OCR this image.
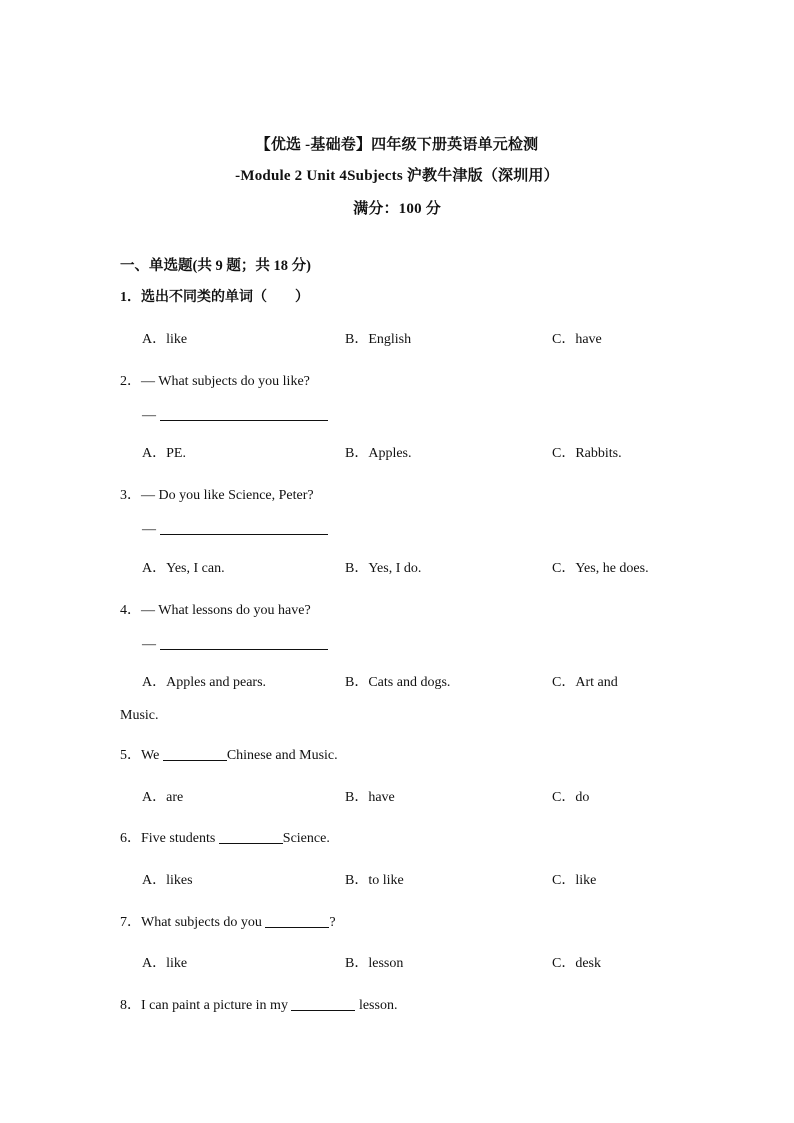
【优选 -基础卷】四年级下册英语单元检测
-Module 2 Unit 4Subjects 沪教牛津版（深圳用）
满分：100 分
一、单选题(共 9 题；共 18 分)
1．选出不同类的单词（ ）
A．like	B．English	C．have
2．— What subjects do you like?
—
A．PE.	B．Apples.	C．Rabbits.
3．— Do you like Science, Peter?
—
A．Yes, I can.	B．Yes, I do.	C．Yes, he does.
4．— What lessons do you have?
—
A．Apples and pears.	B．Cats and dogs.	C．Art and
Music.
5．We	Chinese and Music.
A．are	B．have	C．do
6．Five students	Science.
A．likes	B．to like	C．like
7．What subjects do you	?
A．like	B．lesson	C．desk
8．I can paint a picture in my	lesson.
